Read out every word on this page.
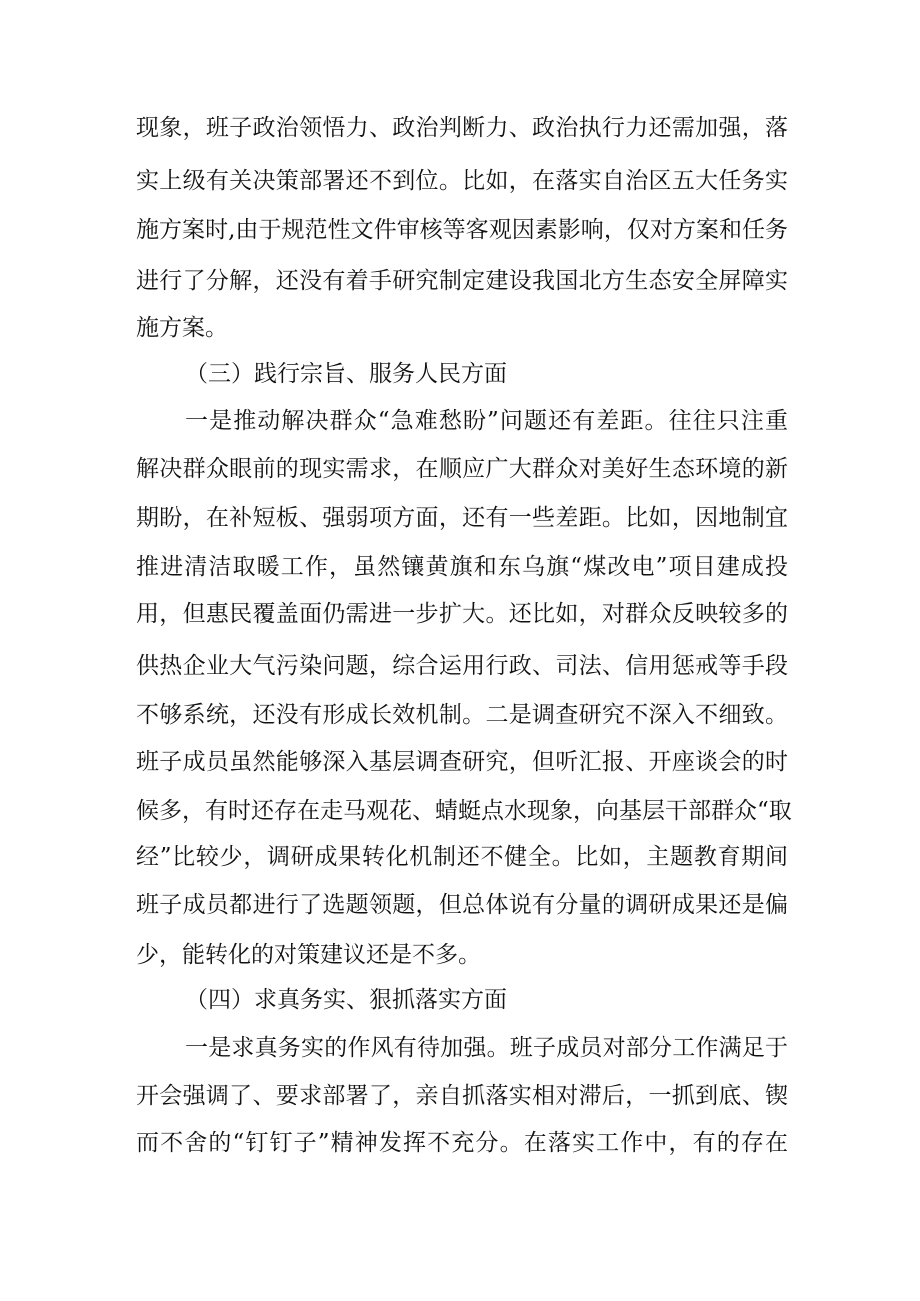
现象，班子政治领悟力、政治判断力、政治执行力还需加强，落
实上级有关决策部署还不到位。比如，在落实自治区五大任务实
施方案时,由于规范性文件审核等客观因素影响，仅对方案和任务
进行了分解，还没有着手研究制定建设我国北方生态安全屏障实
施方案。
（三）践行宗旨、服务人民方面
一是推动解决群众“急难愁盼”问题还有差距。往往只注重
解决群众眼前的现实需求，在顺应广大群众对美好生态环境的新
期盼，在补短板、强弱项方面，还有一些差距。比如，因地制宜
推进清洁取暖工作，虽然镶黄旗和东乌旗“煤改电”项目建成投
用，但惠民覆盖面仍需进一步扩大。还比如，对群众反映较多的
供热企业大气污染问题，综合运用行政、司法、信用惩戒等手段
不够系统，还没有形成长效机制。二是调查研究不深入不细致。
班子成员虽然能够深入基层调查研究，但听汇报、开座谈会的时
候多，有时还存在走马观花、蜻蜓点水现象，向基层干部群众“取
经”比较少，调研成果转化机制还不健全。比如，主题教育期间
班子成员都进行了选题领题，但总体说有分量的调研成果还是偏
少，能转化的对策建议还是不多。
（四）求真务实、狠抓落实方面
一是求真务实的作风有待加强。班子成员对部分工作满足于
开会强调了、要求部署了，亲自抓落实相对滞后，一抓到底、锲
而不舍的“钉钉子”精神发挥不充分。在落实工作中，有的存在
